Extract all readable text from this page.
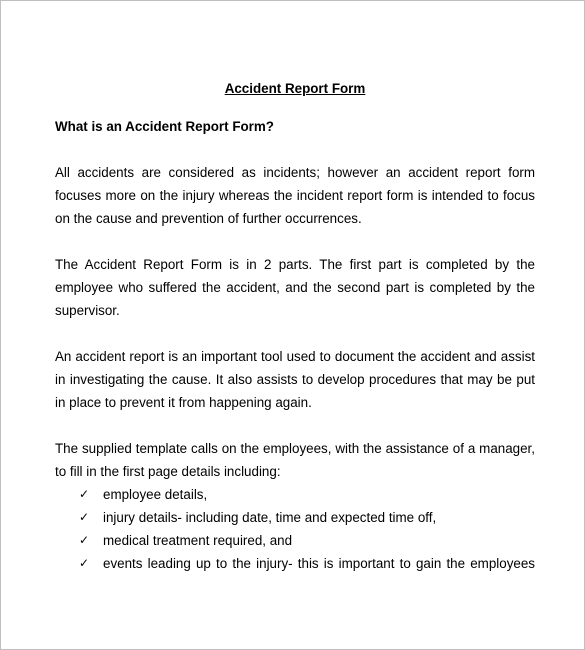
Accident Report Form
What is an Accident Report Form?

All accidents are considered as incidents; however an accident report form focuses more on the injury whereas the incident report form is intended to focus on the cause and prevention of further occurrences.

The Accident Report Form is in 2 parts. The first part is completed by the employee who suffered the accident, and the second part is completed by the supervisor.

An accident report is an important tool used to document the accident and assist in investigating the cause. It also assists to develop procedures that may be put in place to prevent it from happening again.

The supplied template calls on the employees, with the assistance of a manager, to fill in the first page details including:

✓	employee details,
✓	injury details- including date, time and expected time off,
✓	medical treatment required, and
✓	events leading up to the injury- this is important to gain the employees
